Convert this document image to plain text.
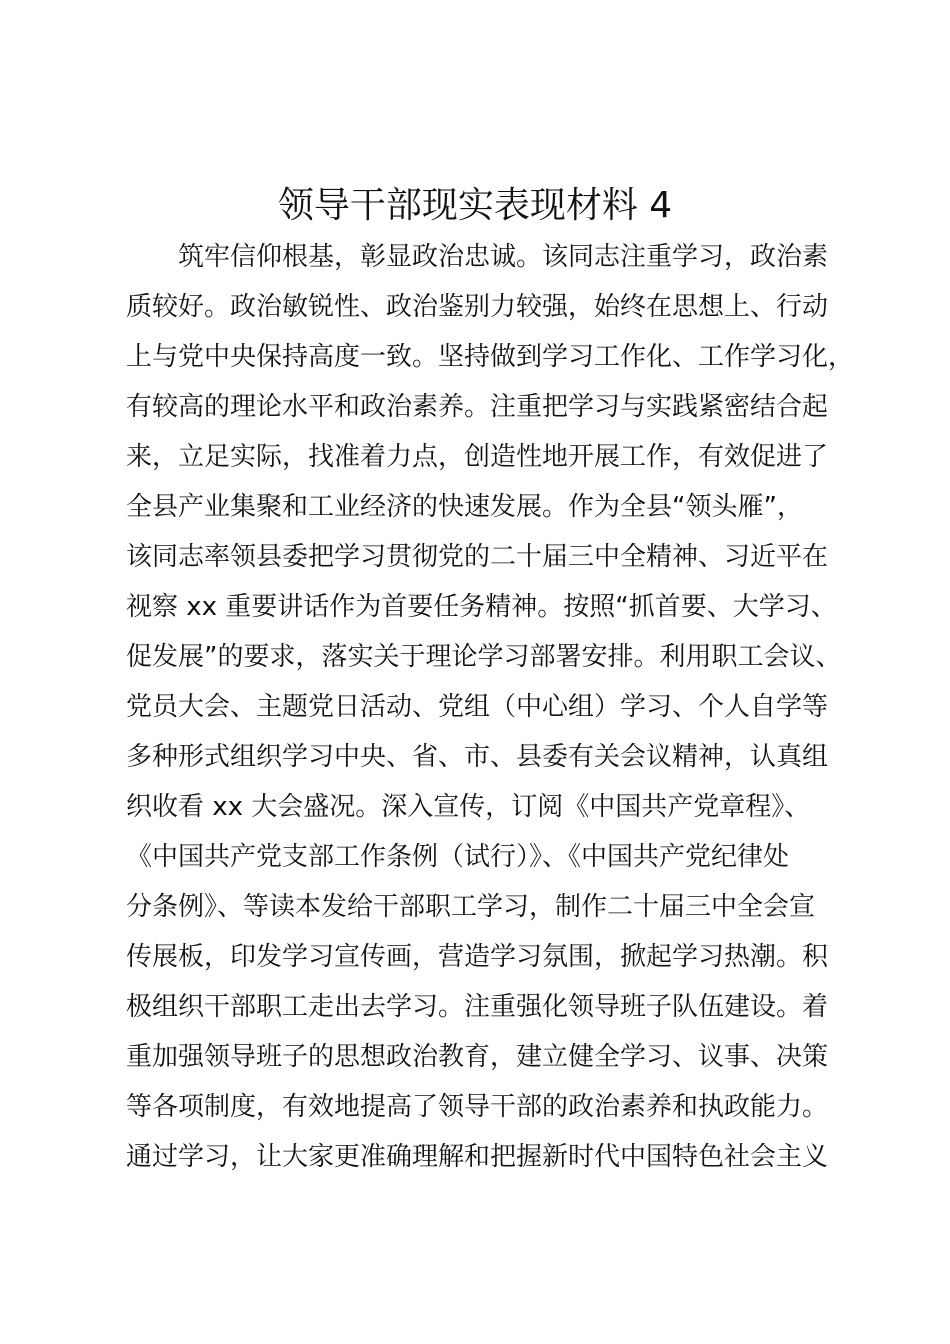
领导干部现实表现材料 4
筑牢信仰根基，彰显政治忠诚。该同志注重学习，政治素
质较好。政治敏锐性、政治鉴别力较强，始终在思想上、行动
上与党中央保持高度一致。坚持做到学习工作化、工作学习化，
有较高的理论水平和政治素养。注重把学习与实践紧密结合起
来，立足实际，找准着力点，创造性地开展工作，有效促进了
全县产业集聚和工业经济的快速发展。作为全县“领头雁”，
该同志率领县委把学习贯彻党的二十届三中全精神、习近平在
视察 xx 重要讲话作为首要任务精神。按照“抓首要、大学习、
促发展”的要求，落实关于理论学习部署安排。利用职工会议、
党员大会、主题党日活动、党组（中心组）学习、个人自学等
多种形式组织学习中央、省、市、县委有关会议精神，认真组
织收看 xx 大会盛况。深入宣传，订阅《中国共产党章程》、
《中国共产党支部工作条例（试行）》、《中国共产党纪律处
分条例》、等读本发给干部职工学习，制作二十届三中全会宣
传展板，印发学习宣传画，营造学习氛围，掀起学习热潮。积
极组织干部职工走出去学习。注重强化领导班子队伍建设。着
重加强领导班子的思想政治教育，建立健全学习、议事、决策
等各项制度，有效地提高了领导干部的政治素养和执政能力。
通过学习，让大家更准确理解和把握新时代中国特色社会主义
